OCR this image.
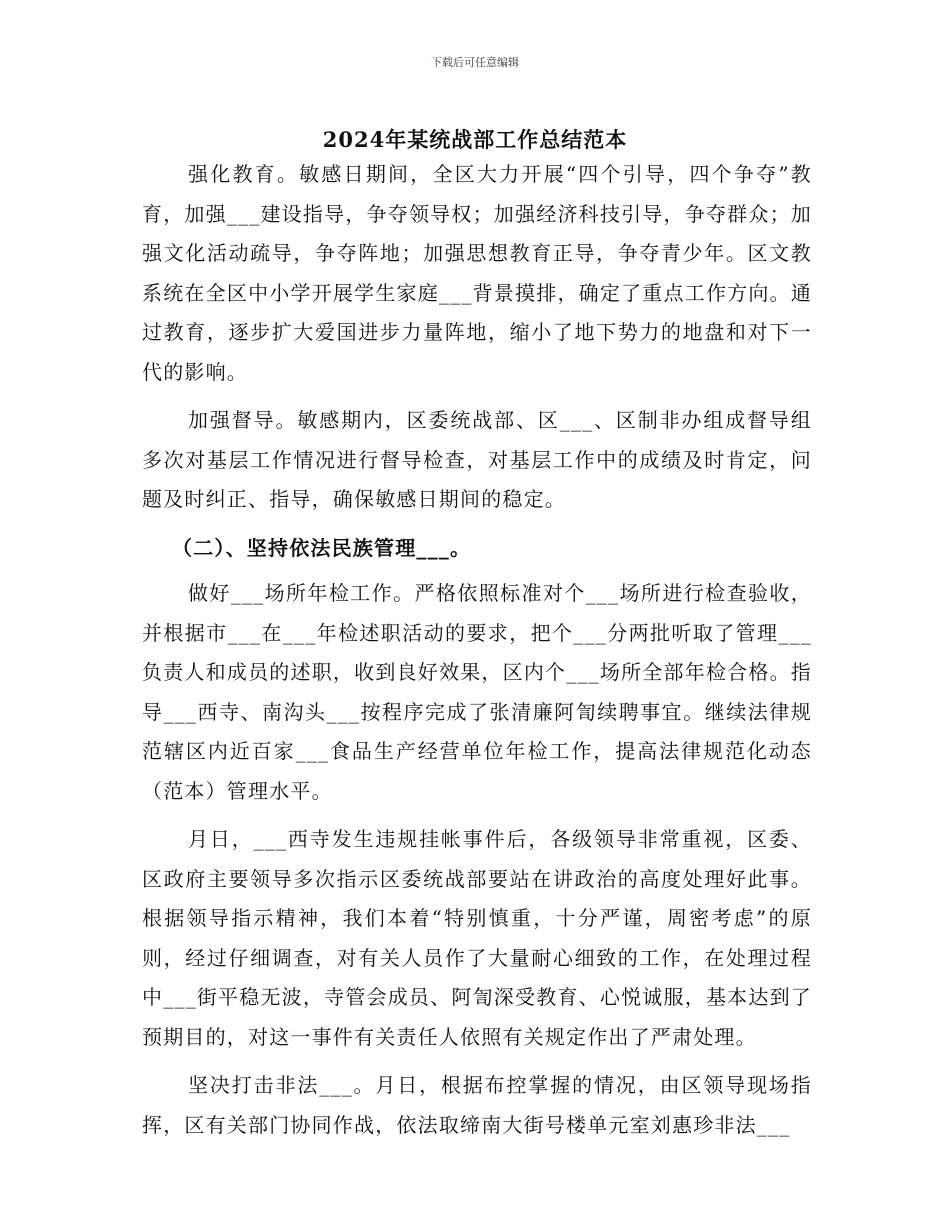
下载后可任意编辑
2024年某统战部工作总结范本

强化教育。敏感日期间，全区大力开展“四个引导，四个争夺”教育，加强___建设指导，争夺领导权；加强经济科技引导，争夺群众；加强文化活动疏导，争夺阵地；加强思想教育正导，争夺青少年。区文教系统在全区中小学开展学生家庭___背景摸排，确定了重点工作方向。通过教育，逐步扩大爱国进步力量阵地，缩小了地下势力的地盘和对下一代的影响。

加强督导。敏感期内，区委统战部、区___、区制非办组成督导组多次对基层工作情况进行督导检查，对基层工作中的成绩及时肯定，问题及时纠正、指导，确保敏感日期间的稳定。

（二）、坚持依法民族管理___。

做好___场所年检工作。严格依照标准对个___场所进行检查验收，并根据市___在___年检述职活动的要求，把个___分两批听取了管理___负责人和成员的述职，收到良好效果，区内个___场所全部年检合格。指导___西寺、南沟头___按程序完成了张清廉阿訇续聘事宜。继续法律规范辖区内近百家___食品生产经营单位年检工作，提高法律规范化动态（范本）管理水平。

月日，___西寺发生违规挂帐事件后，各级领导非常重视，区委、区政府主要领导多次指示区委统战部要站在讲政治的高度处理好此事。根据领导指示精神，我们本着“特别慎重，十分严谨，周密考虑”的原则，经过仔细调查，对有关人员作了大量耐心细致的工作，在处理过程中___街平稳无波，寺管会成员、阿訇深受教育、心悦诚服，基本达到了预期目的，对这一事件有关责任人依照有关规定作出了严肃处理。

坚决打击非法___。月日，根据布控掌握的情况，由区领导现场指挥，区有关部门协同作战，依法取缔南大街号楼单元室刘惠珍非法___
